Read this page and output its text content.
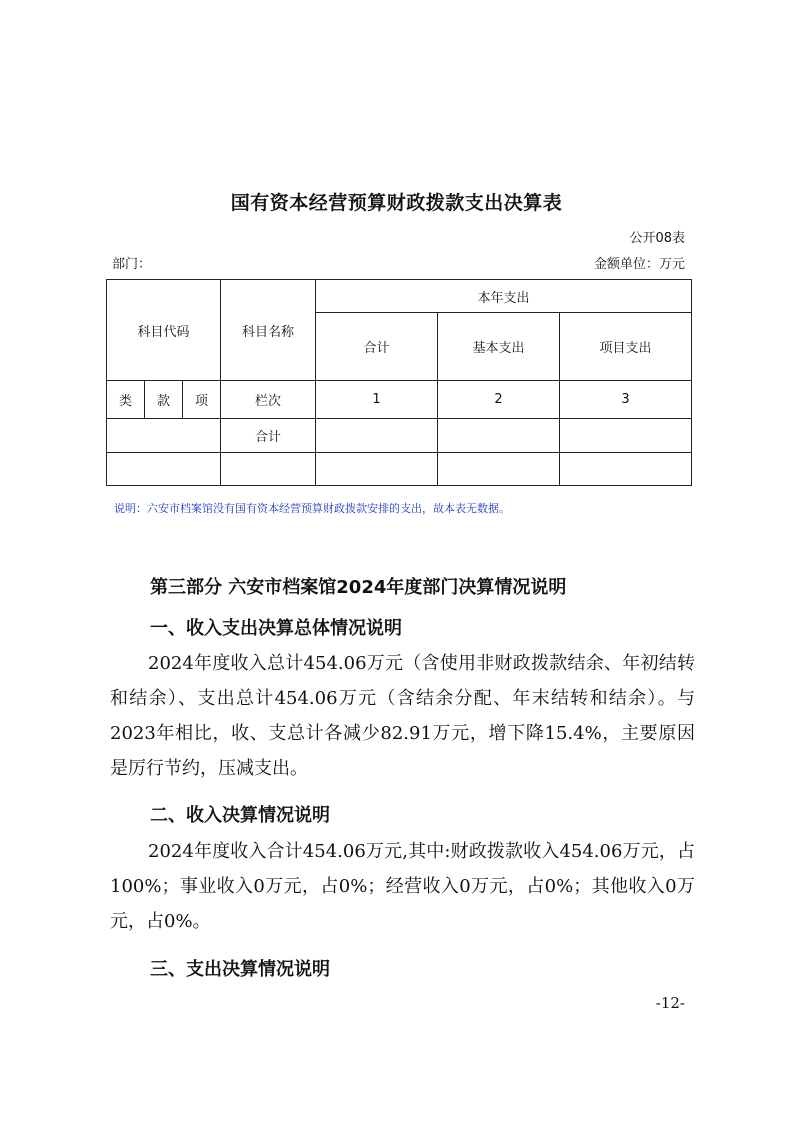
国有资本经营预算财政拨款支出决算表
公开08表
部门：	金额单位：万元
科目代码			科目名称	本年支出		
				合计	基本支出	项目支出
类	款	项	栏次	1	2	3
			合计			

说明：六安市档案馆没有国有资本经营预算财政拨款安排的支出，故本表无数据。
第三部分 六安市档案馆2024年度部门决算情况说明
一、收入支出决算总体情况说明

2024年度收入总计454.06万元（含使用非财政拨款结余、年初结转和结余）、支出总计454.06万元（含结余分配、年末结转和结余）。与2023年相比，收、支总计各减少82.91万元，增下降15.4%，主要原因是厉行节约，压减支出。

二、收入决算情况说明

2024年度收入合计454.06万元,其中:财政拨款收入454.06万元，占100%；事业收入0万元，占0%；经营收入0万元，占0%；其他收入0万元，占0%。

三、支出决算情况说明
-12-
